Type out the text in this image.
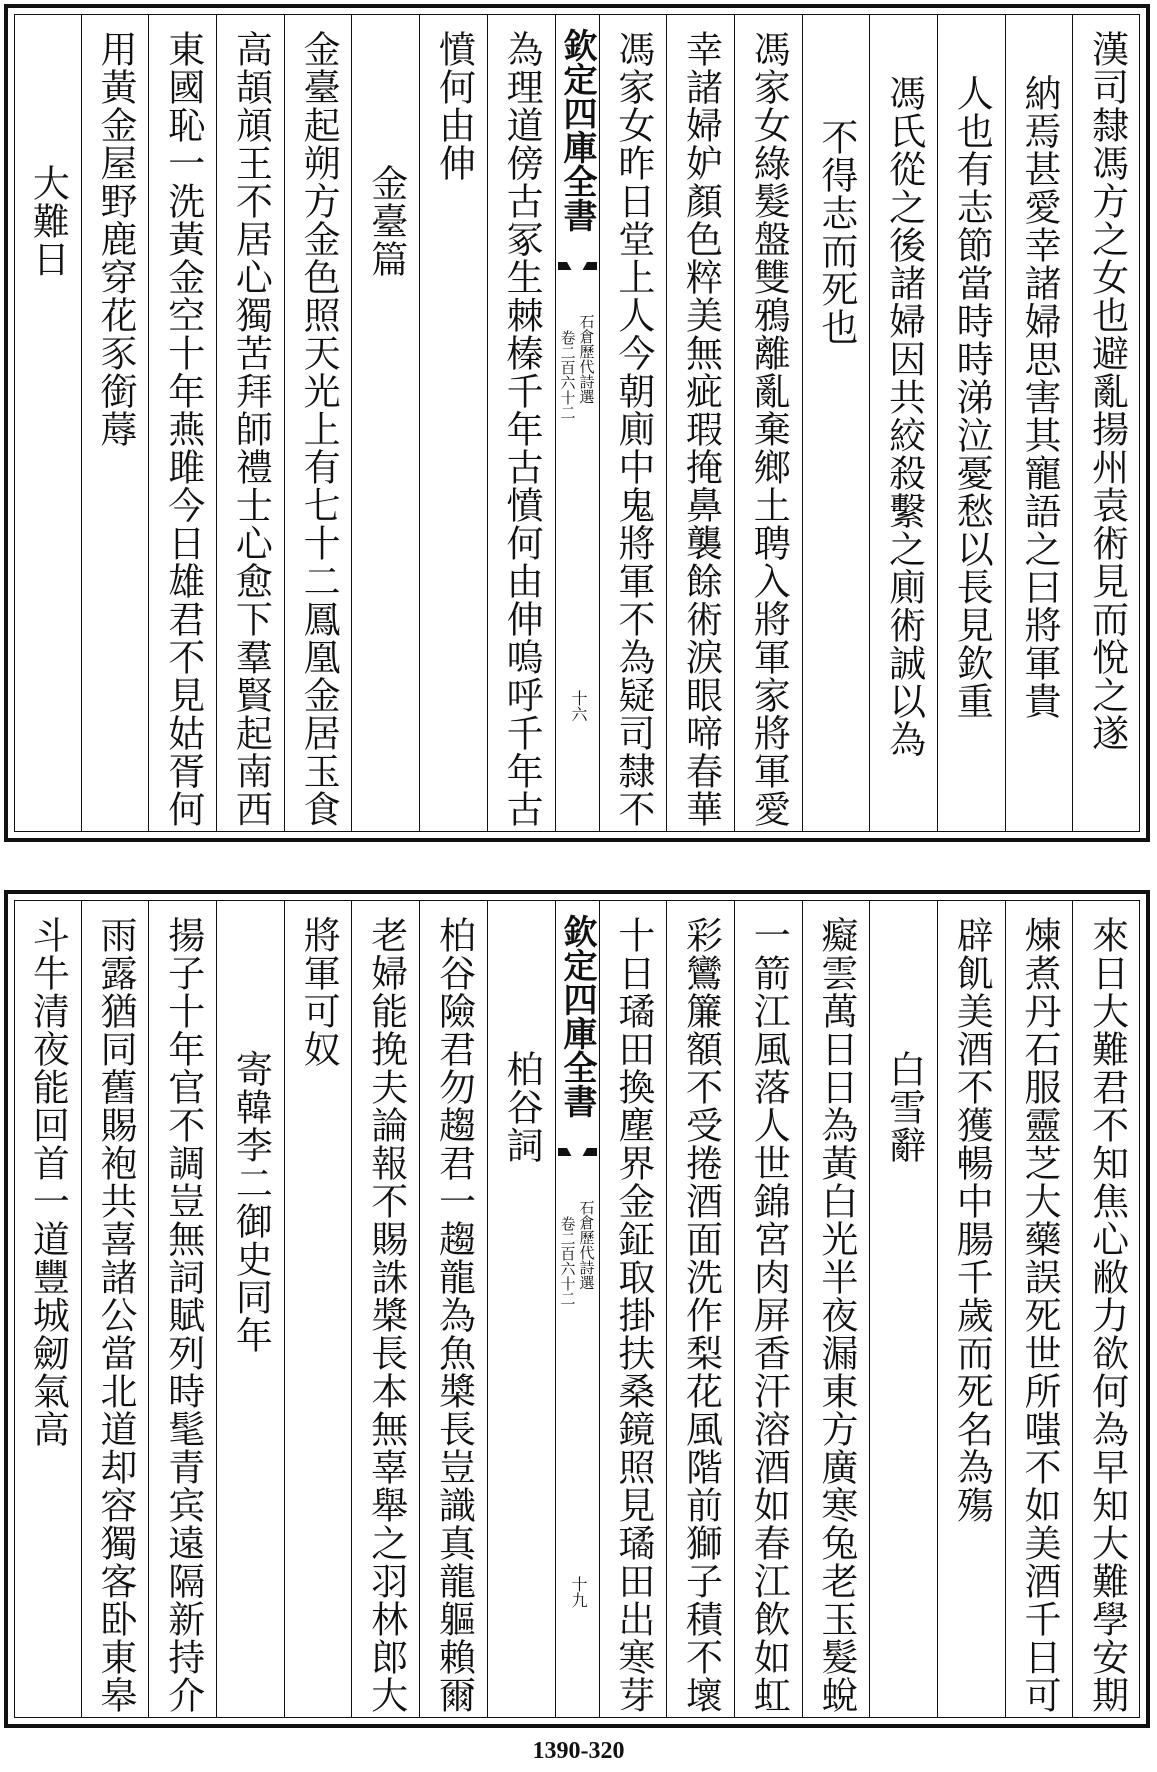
漢司隸馮方之女也避亂揚州袁術見而悅之遂
納焉甚愛幸諸婦思害其寵語之曰將軍貴
人也有志節當時時涕泣憂愁以長見欽重
馮氏從之後諸婦因共絞殺繫之廁術誠以為
不得志而死也
馮家女綠髮盤雙鴉離亂棄鄉土聘入將軍家將軍愛
幸諸婦妒顏色粹美無疵瑕掩鼻襲餘術淚眼啼春華
馮家女昨日堂上人今朝廁中鬼將軍不為疑司隸不
欽定四庫全書
石倉歷代詩選
卷二百六十二
十六
為理道傍古冢生棘榛千年古憤何由伸嗚呼千年古
憤何由伸
金臺篇
金臺起朔方金色照天光上有七十二鳳凰金居玉食
高頡頏王不居心獨苦拜師禮士心愈下羣賢起南西
東國恥一洗黃金空十年燕雎今日雄君不見姑胥何
用黃金屋野鹿穿花豕銜蓐
大難日
來日大難君不知焦心敝力欲何為早知大難學安期
煉煮丹石服靈芝大藥誤死世所嗤不如美酒千日可
辟飢美酒不獲暢中腸千歲而死名為殤
白雪辭
癡雲萬日日為黃白光半夜漏東方廣寒兔老玉髮蛻
一箭江風落人世錦宮肉屏香汗溶酒如春江飲如虹
彩鸞簾額不受捲酒面洗作梨花風階前獅子積不壞
十日璚田換塵界金鉦取掛扶桑鏡照見璚田出寒芽
欽定四庫全書
石倉歷代詩選
卷二百六十二
十九
柏谷詞
柏谷險君勿趨君一趨龍為魚槳長豈識真龍軀賴爾
老婦能挽夫論報不賜誅槳長本無辜舉之羽林郎大
將軍可奴
寄韓李二御史同年
揚子十年官不調豈無詞賦列時髦青宾遠隔新持介
雨露猶同舊賜袍共喜諸公當北道却容獨客卧東皋
斗牛清夜能回首一道豐城劒氣高
1390-320
